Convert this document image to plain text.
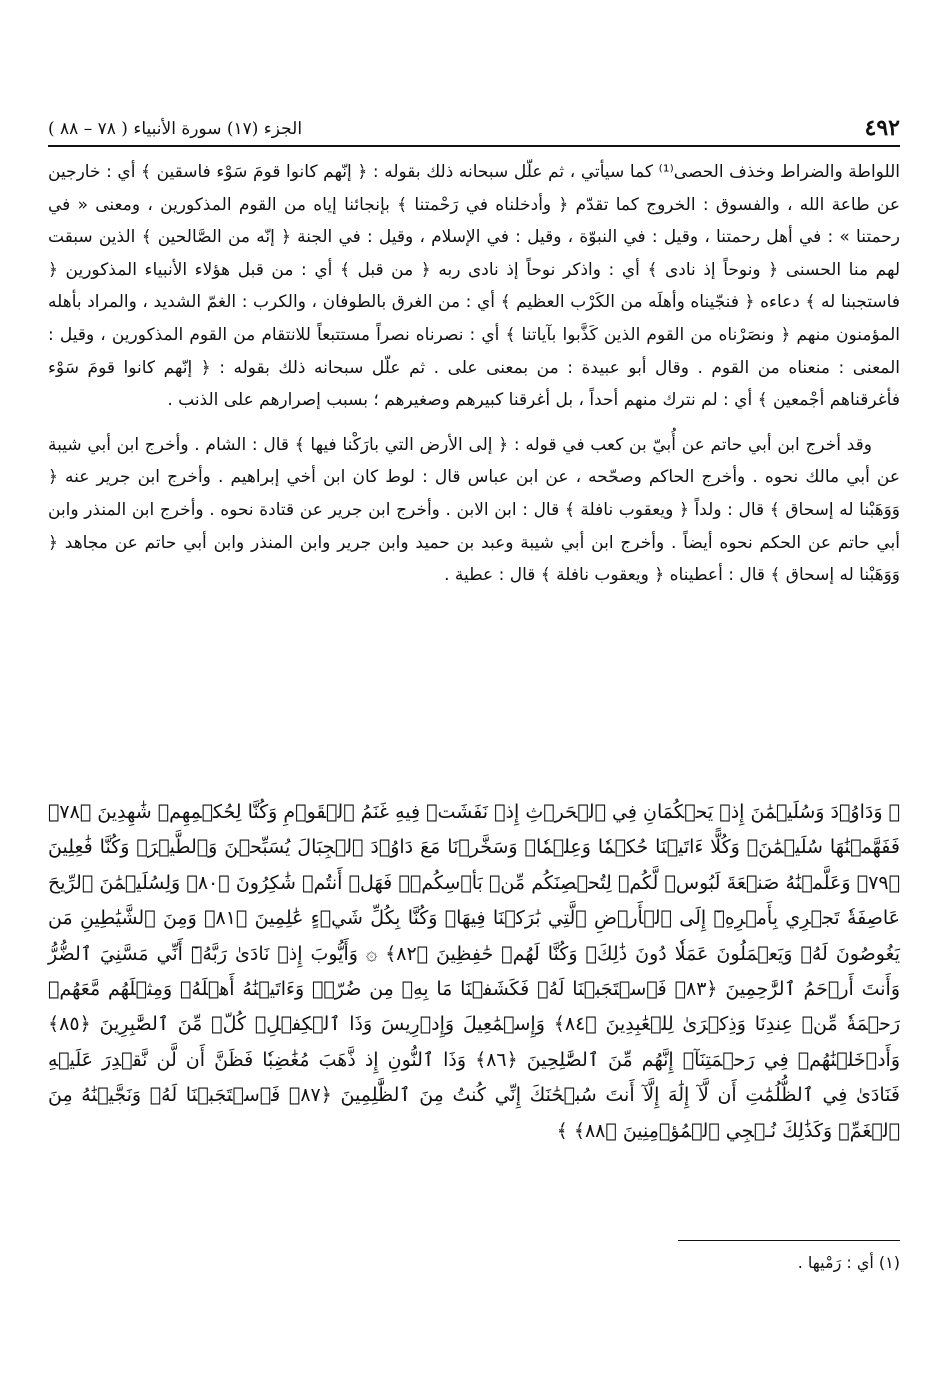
٤٩٢
الجزء (١٧) سورة الأنبياء ( ٧٨ – ٨٨ )

اللواطة والضراط وخذف الحصى⁽¹⁾ كما سيأتي ، ثم علّل سبحانه ذلك بقوله : ﴿ إنّهم كانوا قومَ سَوْء فاسقين ﴾ أي : خارجين عن طاعة الله ، والفسوق : الخروج كما تقدّم ﴿ وأدخلناه في رَحْمتنا ﴾ بإنجائنا إياه من القوم المذكورين ، ومعنى « في رحمتنا » : في أهل رحمتنا ، وقيل : في النبوّة ، وقيل : في الإسلام ، وقيل : في الجنة ﴿ إنّه من الصَّالحين ﴾ الذين سبقت لهم منا الحسنى ﴿ ونوحاً إذ نادى ﴾ أي : واذكر نوحاً إذ نادى ربه ﴿ من قبل ﴾ أي : من قبل هؤلاء الأنبياء المذكورين ﴿ فاستجبنا له ﴾ دعاءه ﴿ فنجّيناه وأهلَه من الكَرْب العظيم ﴾ أي : من الغرق بالطوفان ، والكرب : الغمّ الشديد ، والمراد بأهله المؤمنون منهم ﴿ ونصَرْناه من القوم الذين كَذَّبوا بآياتنا ﴾ أي : نصرناه نصراً مستتبعاً للانتقام من القوم المذكورين ، وقيل : المعنى : منعناه من القوم . وقال أبو عبيدة : من بمعنى على . ثم علّل سبحانه ذلك بقوله : ﴿ إنّهم كانوا قومَ سَوْء فأغرقناهم أجْمعين ﴾ أي : لم نترك منهم أحداً ، بل أغرقنا كبيرهم وصغيرهم ؛ بسبب إصرارهم على الذنب .

وقد أخرج ابن أبي حاتم عن أُبيّ بن كعب في قوله : ﴿ إلى الأرض التي بارَكْنا فيها ﴾ قال : الشام . وأخرج ابن أبي شيبة عن أبي مالك نحوه . وأخرج الحاكم وصحّحه ، عن ابن عباس قال : لوط كان ابن أخي إبراهيم . وأخرج ابن جرير عنه ﴿ وَوَهَبْنا له إسحاق ﴾ قال : ولداً ﴿ ويعقوب نافلة ﴾ قال : ابن الابن . وأخرج ابن جرير عن قتادة نحوه . وأخرج ابن المنذر وابن أبي حاتم عن الحكم نحوه أيضاً . وأخرج ابن أبي شيبة وعبد بن حميد وابن جرير وابن المنذر وابن أبي حاتم عن مجاهد ﴿ وَوَهَبْنا له إسحاق ﴾ قال : أعطيناه ﴿ ويعقوب نافلة ﴾ قال : عطية .

﴿ وَدَاوُۥدَ وَسُلَيۡمَٰنَ إِذۡ يَحۡكُمَانِ فِي ٱلۡحَرۡثِ إِذۡ نَفَشَتۡ فِيهِ غَنَمُ ٱلۡقَوۡمِ وَكُنَّا لِحُكۡمِهِمۡ شَٰهِدِينَ ﴿٧٨﴾ فَفَهَّمۡنَٰهَا سُلَيۡمَٰنَۚ وَكُلًّا ءَاتَيۡنَا حُكۡمٗا وَعِلۡمٗاۚ وَسَخَّرۡنَا مَعَ دَاوُۥدَ ٱلۡجِبَالَ يُسَبِّحۡنَ وَٱلطَّيۡرَۚ وَكُنَّا فَٰعِلِينَ ﴿٧٩﴾ وَعَلَّمۡنَٰهُ صَنۡعَةَ لَبُوسٖ لَّكُمۡ لِتُحۡصِنَكُم مِّنۢ بَأۡسِكُمۡۖ فَهَلۡ أَنتُمۡ شَٰكِرُونَ ﴿٨٠﴾ وَلِسُلَيۡمَٰنَ ٱلرِّيحَ عَاصِفَةٗ تَجۡرِي بِأَمۡرِهِۦٓ إِلَى ٱلۡأَرۡضِ ٱلَّتِي بَٰرَكۡنَا فِيهَاۚ وَكُنَّا بِكُلِّ شَيۡءٍ عَٰلِمِينَ ﴿٨١﴾ وَمِنَ ٱلشَّيَٰطِينِ مَن يَغُوصُونَ لَهُۥ وَيَعۡمَلُونَ عَمَلٗا دُونَ ذَٰلِكَۖ وَكُنَّا لَهُمۡ حَٰفِظِينَ ﴿٨٢﴾ ۞ وَأَيُّوبَ إِذۡ نَادَىٰ رَبَّهُۥٓ أَنِّي مَسَّنِيَ ٱلضُّرُّ وَأَنتَ أَرۡحَمُ ٱلرَّٰحِمِينَ ﴿٨٣﴾ فَٱسۡتَجَبۡنَا لَهُۥ فَكَشَفۡنَا مَا بِهِۦ مِن ضُرّٖۖ وَءَاتَيۡنَٰهُ أَهۡلَهُۥ وَمِثۡلَهُم مَّعَهُمۡ رَحۡمَةٗ مِّنۡ عِندِنَا وَذِكۡرَىٰ لِلۡعَٰبِدِينَ ﴿٨٤﴾ وَإِسۡمَٰعِيلَ وَإِدۡرِيسَ وَذَا ٱلۡكِفۡلِۖ كُلّٞ مِّنَ ٱلصَّٰبِرِينَ ﴿٨٥﴾ وَأَدۡخَلۡنَٰهُمۡ فِي رَحۡمَتِنَآۖ إِنَّهُم مِّنَ ٱلصَّٰلِحِينَ ﴿٨٦﴾ وَذَا ٱلنُّونِ إِذ ذَّهَبَ مُغَٰضِبٗا فَظَنَّ أَن لَّن نَّقۡدِرَ عَلَيۡهِ فَنَادَىٰ فِي ٱلظُّلُمَٰتِ أَن لَّآ إِلَٰهَ إِلَّآ أَنتَ سُبۡحَٰنَكَ إِنِّي كُنتُ مِنَ ٱلظَّٰلِمِينَ ﴿٨٧﴾ فَٱسۡتَجَبۡنَا لَهُۥ وَنَجَّيۡنَٰهُ مِنَ ٱلۡغَمِّۚ وَكَذَٰلِكَ نُـۨجِي ٱلۡمُؤۡمِنِينَ ﴿٨٨﴾ ﴾

(١) أي : رَمْيها .
